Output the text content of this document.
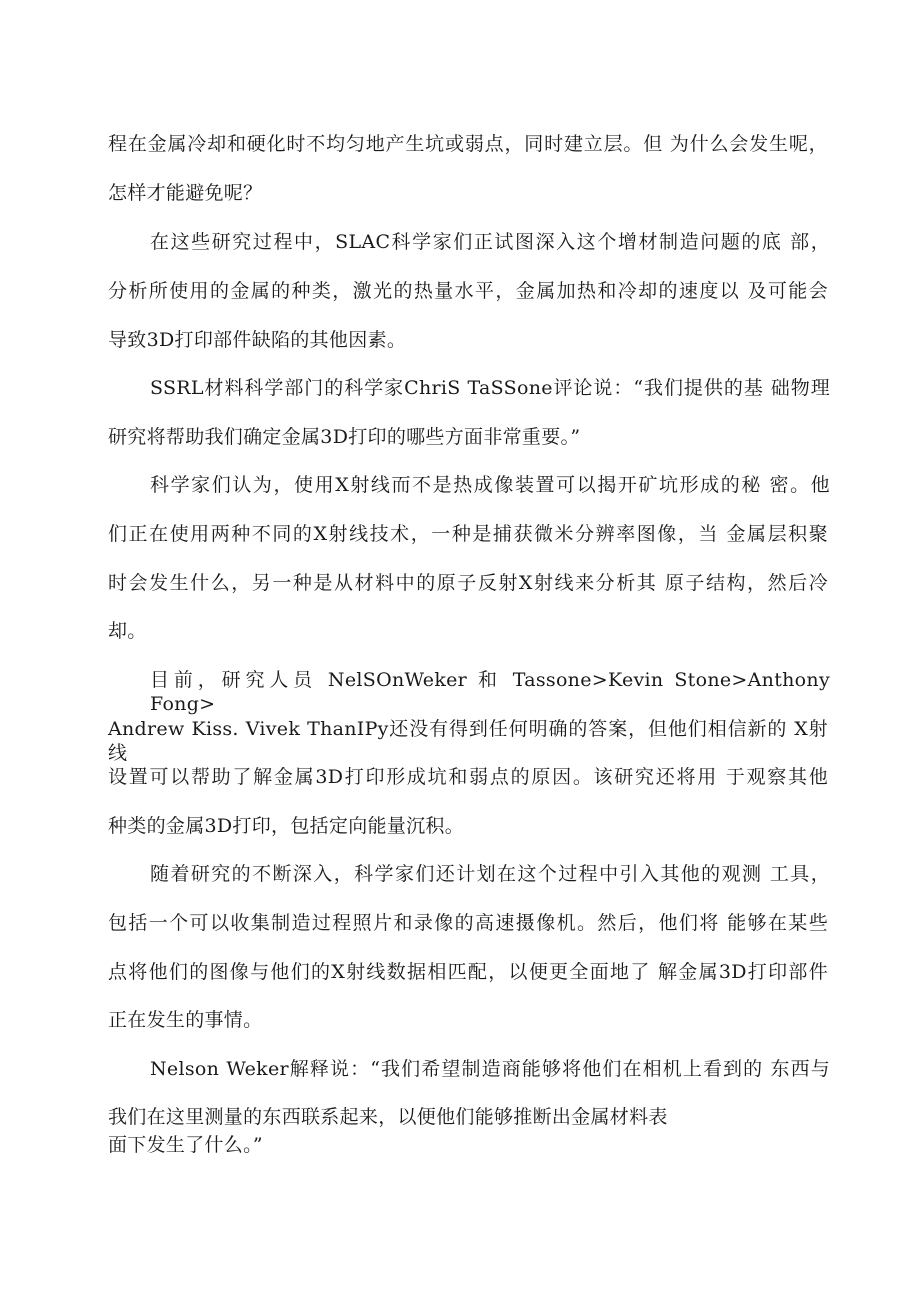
程在金属冷却和硬化时不均匀地产生坑或弱点，同时建立层。但 为什么会发生呢，

怎样才能避免呢？

在这些研究过程中，SLAC科学家们正试图深入这个增材制造问题的底 部，

分析所使用的金属的种类，激光的热量水平，金属加热和冷却的速度以 及可能会

导致3D打印部件缺陷的其他因素。

SSRL材料科学部门的科学家ChriS TaSSone评论说：“我们提供的基 础物理

研究将帮助我们确定金属3D打印的哪些方面非常重要。”

科学家们认为，使用X射线而不是热成像装置可以揭开矿坑形成的秘 密。他

们正在使用两种不同的X射线技术，一种是捕获微米分辨率图像，当 金属层积聚

时会发生什么，另一种是从材料中的原子反射X射线来分析其 原子结构，然后冷

却。

目前，研究人员 NelSOnWeker 和 Tassone>Kevin Stone>Anthony Fong>

Andrew Kiss. Vivek ThanIPy还没有得到任何明确的答案，但他们相信新的 X射线

设置可以帮助了解金属3D打印形成坑和弱点的原因。该研究还将用 于观察其他

种类的金属3D打印，包括定向能量沉积。

随着研究的不断深入，科学家们还计划在这个过程中引入其他的观测 工具，

包括一个可以收集制造过程照片和录像的高速摄像机。然后，他们将 能够在某些

点将他们的图像与他们的X射线数据相匹配，以便更全面地了 解金属3D打印部件

正在发生的事情。

Nelson Weker解释说：“我们希望制造商能够将他们在相机上看到的 东西与

我们在这里测量的东西联系起来，以便他们能够推断出金属材料表

面下发生了什么。”
